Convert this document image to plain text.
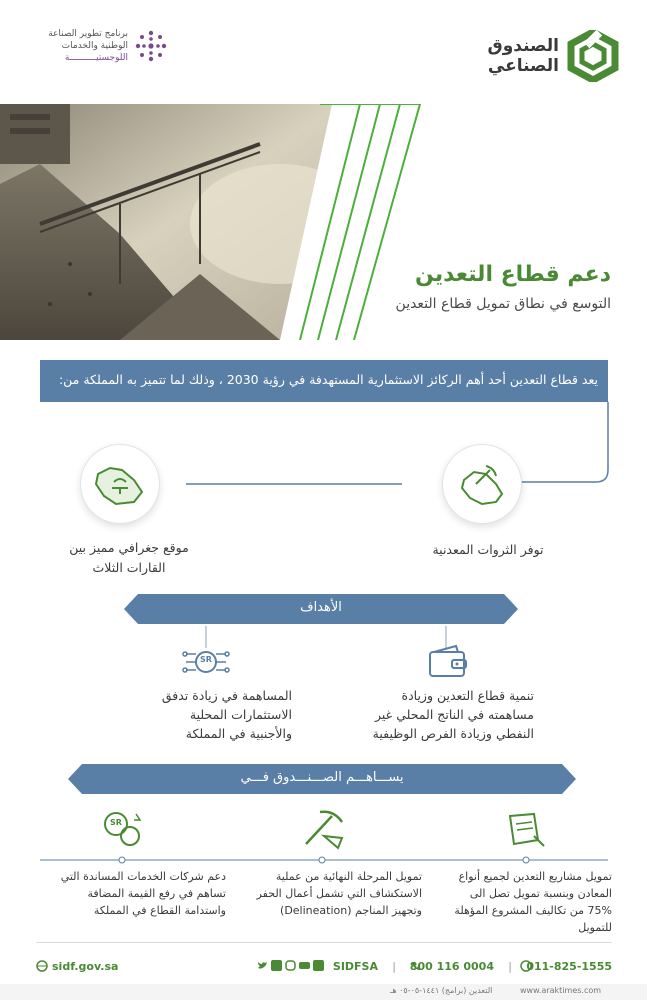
الصندوق
الصناعي
برنامج تطوير الصناعة
الوطنية والخدمات
اللوجستيــــــــــة
دعم قطاع التعدين
التوسع في نطاق تمويل قطاع التعدين
يعد قطاع التعدين أحد أهم الركائز الاستثمارية المستهدفة في رؤية 2030 ، وذلك لما تتميز به المملكة من:
توفر الثروات المعدنية
موقع جغرافي مميز بين
القارات الثلاث
الأهداف
SR
تنمية قطاع التعدين وزيادة
مساهمته في الناتج المحلي غير
النفطي وزيادة الفرص الوظيفية
المساهمة في زيادة تدفق
الاستثمارات المحلية
والأجنبية في المملكة
يســـاهـــم الصـــنـــدوق فـــي
SR
تمويل مشاريع التعدين لجميع أنواع
المعادن وبنسبة تمويل تصل الى
75% من تكاليف المشروع المؤهلة
للتمويل
تمويل المرحلة النهائية من عملية
الاستكشاف التي تشمل أعمال الحفر
وتجهيز المناجم (Delineation)
دعم شركات الخدمات المساندة التي
تساهم في رفع القيمة المضافة
واستدامة القطاع في المملكة
011-825-1555
|
800 116 0004
|
SIDFSA
sidf.gov.sa
www.araktimes.com
التعدين (برامج) ١٤٤١-٠٥-٠٥ هـ
